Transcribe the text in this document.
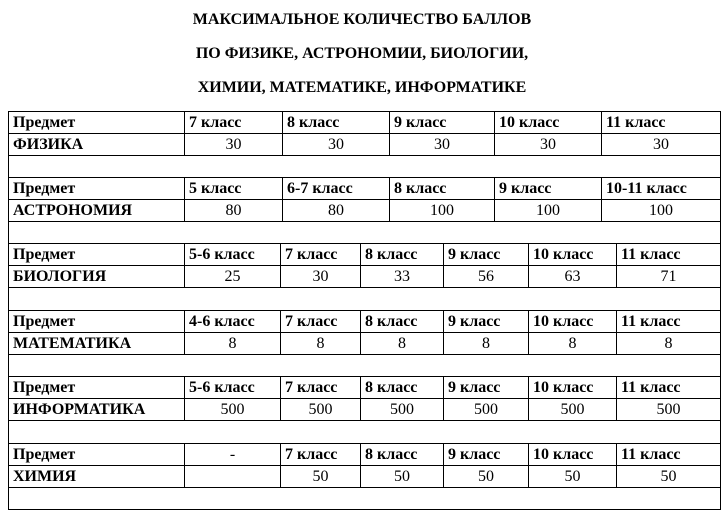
МАКСИМАЛЬНОЕ КОЛИЧЕСТВО БАЛЛОВ
ПО ФИЗИКЕ, АСТРОНОМИИ, БИОЛОГИИ,
ХИМИИ, МАТЕМАТИКЕ, ИНФОРМАТИКЕ
Предмет
ФИЗИКА
7 класс
30
8 класс
30
9 класс
30
10 класс
30
11 класс
30
Предмет
АСТРОНОМИЯ
5 класс
80
6-7 класс
80
8 класс
100
9 класс
100
10-11 класс
100
Предмет
БИОЛОГИЯ
5-6 класс
25
7 класс
30
8 класс
33
9 класс
56
10 класс
63
11 класс
71
Предмет
МАТЕМАТИКА
4-6 класс
8
7 класс
8
8 класс
8
9 класс
8
10 класс
8
11 класс
8
Предмет
ИНФОРМАТИКА
5-6 класс
500
7 класс
500
8 класс
500
9 класс
500
10 класс
500
11 класс
500
Предмет
ХИМИЯ
-	7 класс
50
8 класс
50
9 класс
50
10 класс
50
11 класс
50
